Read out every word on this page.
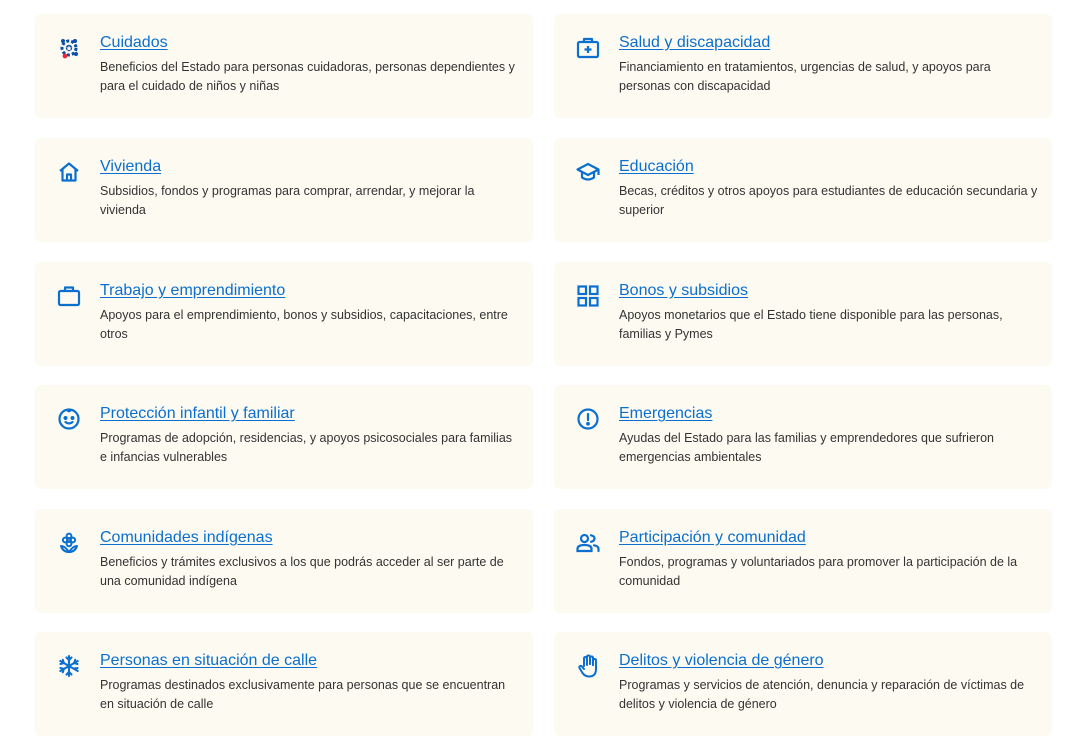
Cuidados
Beneficios del Estado para personas cuidadoras, personas dependientes y para el cuidado de niños y niñas
Salud y discapacidad
Financiamiento en tratamientos, urgencias de salud, y apoyos para personas con discapacidad
Vivienda
Subsidios, fondos y programas para comprar, arrendar, y mejorar la vivienda
Educación
Becas, créditos y otros apoyos para estudiantes de educación secundaria y superior
Trabajo y emprendimiento
Apoyos para el emprendimiento, bonos y subsidios, capacitaciones, entre otros
Bonos y subsidios
Apoyos monetarios que el Estado tiene disponible para las personas, familias y Pymes
Protección infantil y familiar
Programas de adopción, residencias, y apoyos psicosociales para familias e infancias vulnerables
Emergencias
Ayudas del Estado para las familias y emprendedores que sufrieron emergencias ambientales
Comunidades indígenas
Beneficios y trámites exclusivos a los que podrás acceder al ser parte de una comunidad indígena
Participación y comunidad
Fondos, programas y voluntariados para promover la participación de la comunidad
Personas en situación de calle
Programas destinados exclusivamente para personas que se encuentran en situación de calle
Delitos y violencia de género
Programas y servicios de atención, denuncia y reparación de víctimas de delitos y violencia de género
